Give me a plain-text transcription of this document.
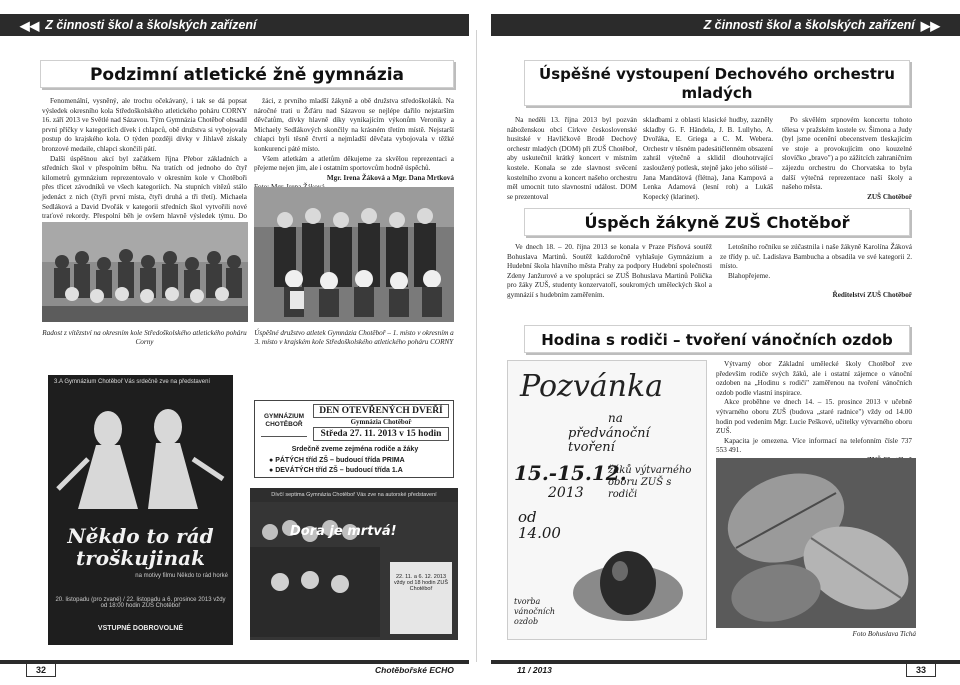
◀◀ Z činnosti škol a školských zařízení	Z činnosti škol a školských zařízení ▶▶
Podzimní atletické žně gymnázia

Fenomenální, vysněný, ale trochu očekávaný, i tak se dá popsat výsledek okresního kola Středoškolského atletického poháru CORNY 16. září 2013 ve Světlé nad Sázavou. Tým Gymnázia Chotěboř obsadil první příčky v kategoriích dívek i chlapců, obě družstva si vybojovala postup do krajského kola. O týden později dívky v Jihlavě získaly bronzové medaile, chlapci skončili pátí.

Další úspěšnou akcí byl začátkem října Přebor základních a středních škol v přespolním běhu. Na tratích od jednoho do čtyř kilometrů gymnázium reprezentovalo v okresním kole v Chotěboři přes třicet závodníků ve všech kategoriích. Na stupních vítězů stálo jedenáct z nich (čtyři první místa, čtyři druhá a tři třetí). Michaela Sedláková a David Dvořák v kategorii středních škol vytvořili nové traťové rekordy. Přespolní běh je ovšem hlavně výsledek týmu. Do

žáci, z prvního mladší žákyně a obě družstva středoškoláků. Na náročné trati u Žďáru nad Sázavou se nejlépe dařilo nejstarším děvčatům, dívky hlavně díky vynikajícím výkonům Veroniky a Michaely Sedlákových skončily na krásném třetím místě. Nejstarší chlapci byli těsně čtvrtí a nejmladší děvčata vybojovala v těžké konkurenci páté místo.

Všem atletkám a atletům děkujeme za skvělou reprezentaci a přejeme nejen jim, ale i ostatním sportovcům hodně úspěchů.

Mgr. Irena Žáková a Mgr. Dana Mrtková
Radost z vítězství na okresním kole Středoškolského atletického poháru Corny
Úspěšné družstvo atletek Gymnázia Chotěboř – 1. místo v okresním a 3. místo v krajském kole Středoškolského atletického poháru CORNY
GYMNÁZIUM CHOTĚBOŘ
DEN OTEVŘENÝCH DVEŘÍ
Gymnázia Chotěboř
Středa 27. 11. 2013 v 15 hodin
Srdečně zveme zejména rodiče a žáky
● PÁTÝCH tříd ZŠ – budoucí třída PRIMA
● DEVÁTÝCH tříd ZŠ – budoucí třída 1.A
3.A Gymnázium Chotěboř Vás srdečně zve na představení
Někdo to rád
troškujinak
na motivy filmu Někdo to rád horké
20. listopadu (pro zvané) / 22. listopadu a 6. prosince 2013 vždy od 18:00 hodin ZUŠ Chotěboř
VSTUPNÉ DOBROVOLNÉ
Dívčí septima Gymnázia Chotěboř Vás zve na autorské představení
Dora je mrtvá!
22. 11. a 6. 12. 2013 vždy od 18 hodin ZUŠ Chotěboř
Úspěšné vystoupení Dechového orchestru mladých

Na neděli 13. října 2013 byl pozván nábož​enskou obcí Církve československé husitské v Havlíčkově Brodě Dechový orchestr mladých (DOM) při ZUŠ Chotěboř, aby uskutečnil krátký koncert v místním kostele. Konala se zde slavnost svěcení kostelního zvonu a koncert našeho orchestru měl umocnit tuto slavnostní událost. DOM se prezentoval

skladbami z oblasti klasické hudby, zazněly skladby G. F. Händela, J. B. Lullyho, A. Dvořáka, E. Griega a C. M. Webera. Orchestr v těsném padesátičlenném obsazení zahrál výtečně a sklidil dlouhotrvající zasloužený potlesk, stejně jako jeho sólisté – Jana Mandátová (flétna), Jana Kampová a Lenka Adamová (lesní roh) a Lukáš Kopecký (klarinet).

Po skvělém srpnovém koncertu tohoto tělesa v pražském kostele sv. Šimona a Judy (byl jsme ocenění obecenstvem tleskajícím ve stoje a provokujícím ono kouzelné slovíčko „bravo") a po zážitcích zahraničním zájezdu orchestru do Chorvatska to byla další výtečná reprezentace naší školy a našeho města.

ZUŠ Chotěboř
Úspěch žákyně ZUŠ Chotěboř

Ve dnech 18. – 20. října 2013 se konala v Praze Písňová soutěž Bohuslava Martinů. Soutěž každoročně vyhlašuje Gymnázium a Hudební škola hlavního města Prahy za podpory Hudební společnosti Zdeny Janžurové a ve spolupráci se ZUŠ Bohuslava Martinů Polička pro žáky ZUŠ, studenty konzervatoří, soukromých uměleckých škol a gymnázií s hudebním zaměřením.

Letošního ročníku se zúčastnila i naše žákyně Karolína Žáková ze třídy p. uč. Ladislava Bambucha a obsadila ve své kategorii 2. místo.

Blahopřejeme.

Ředitelství ZUŠ Chotěboř
Hodina s rodiči – tvoření vánočních ozdob
Pozvánka
na
předvánoční tvoření
15.-15.12.
2013
žáků výtvarného oboru ZUŠ s rodiči
od 14.00
tvorba vánočních ozdob

Výtvarný obor Základní umělecké školy Chotěboř zve předevšim rodiče svých žáků, ale i ostatní zájemce o vánoční ozdoben na „Hodinu s rodiči" zaměřenou na tvoření vánočních ozdob podle vlastní inspirace.

Akce proběhne ve dnech 14. – 15. prosince 2013 v učebně výtvarného oboru ZUŠ (budova „staré radnice") vždy od 14.00 hodin pod vedením Mgr. Lucie Peškové, učitelky výtvarného oboru ZUŠ.

Kapacita je omezena. Více informací na telefonním čísle 737 553 491.

Foto Bohuslava Tichá
32	33
Chotěbořské ECHO	11 / 2013
